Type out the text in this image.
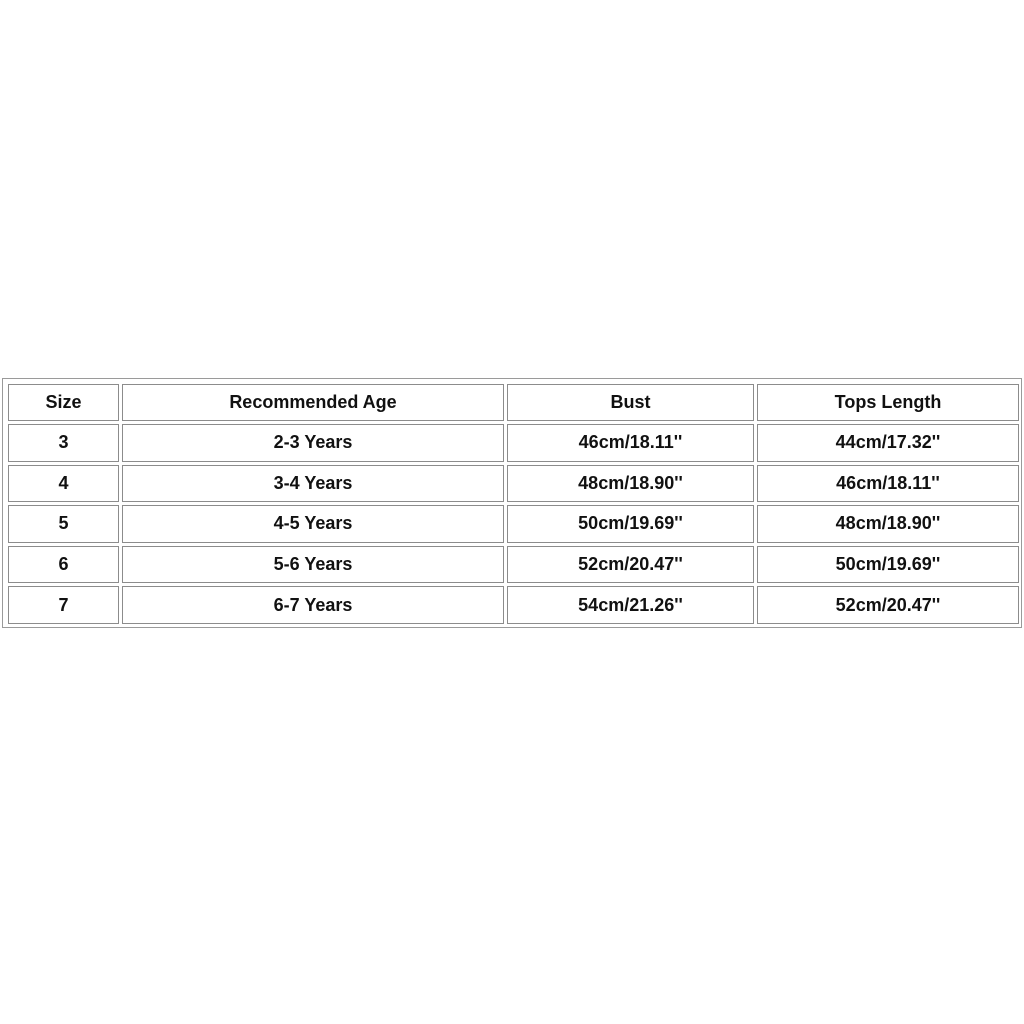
Size	Recommended Age	Bust	Tops Length
3	2-3 Years	46cm/18.11''	44cm/17.32''
4	3-4 Years	48cm/18.90''	46cm/18.11''
5	4-5 Years	50cm/19.69''	48cm/18.90''
6	5-6 Years	52cm/20.47''	50cm/19.69''
7	6-7 Years	54cm/21.26''	52cm/20.47''
